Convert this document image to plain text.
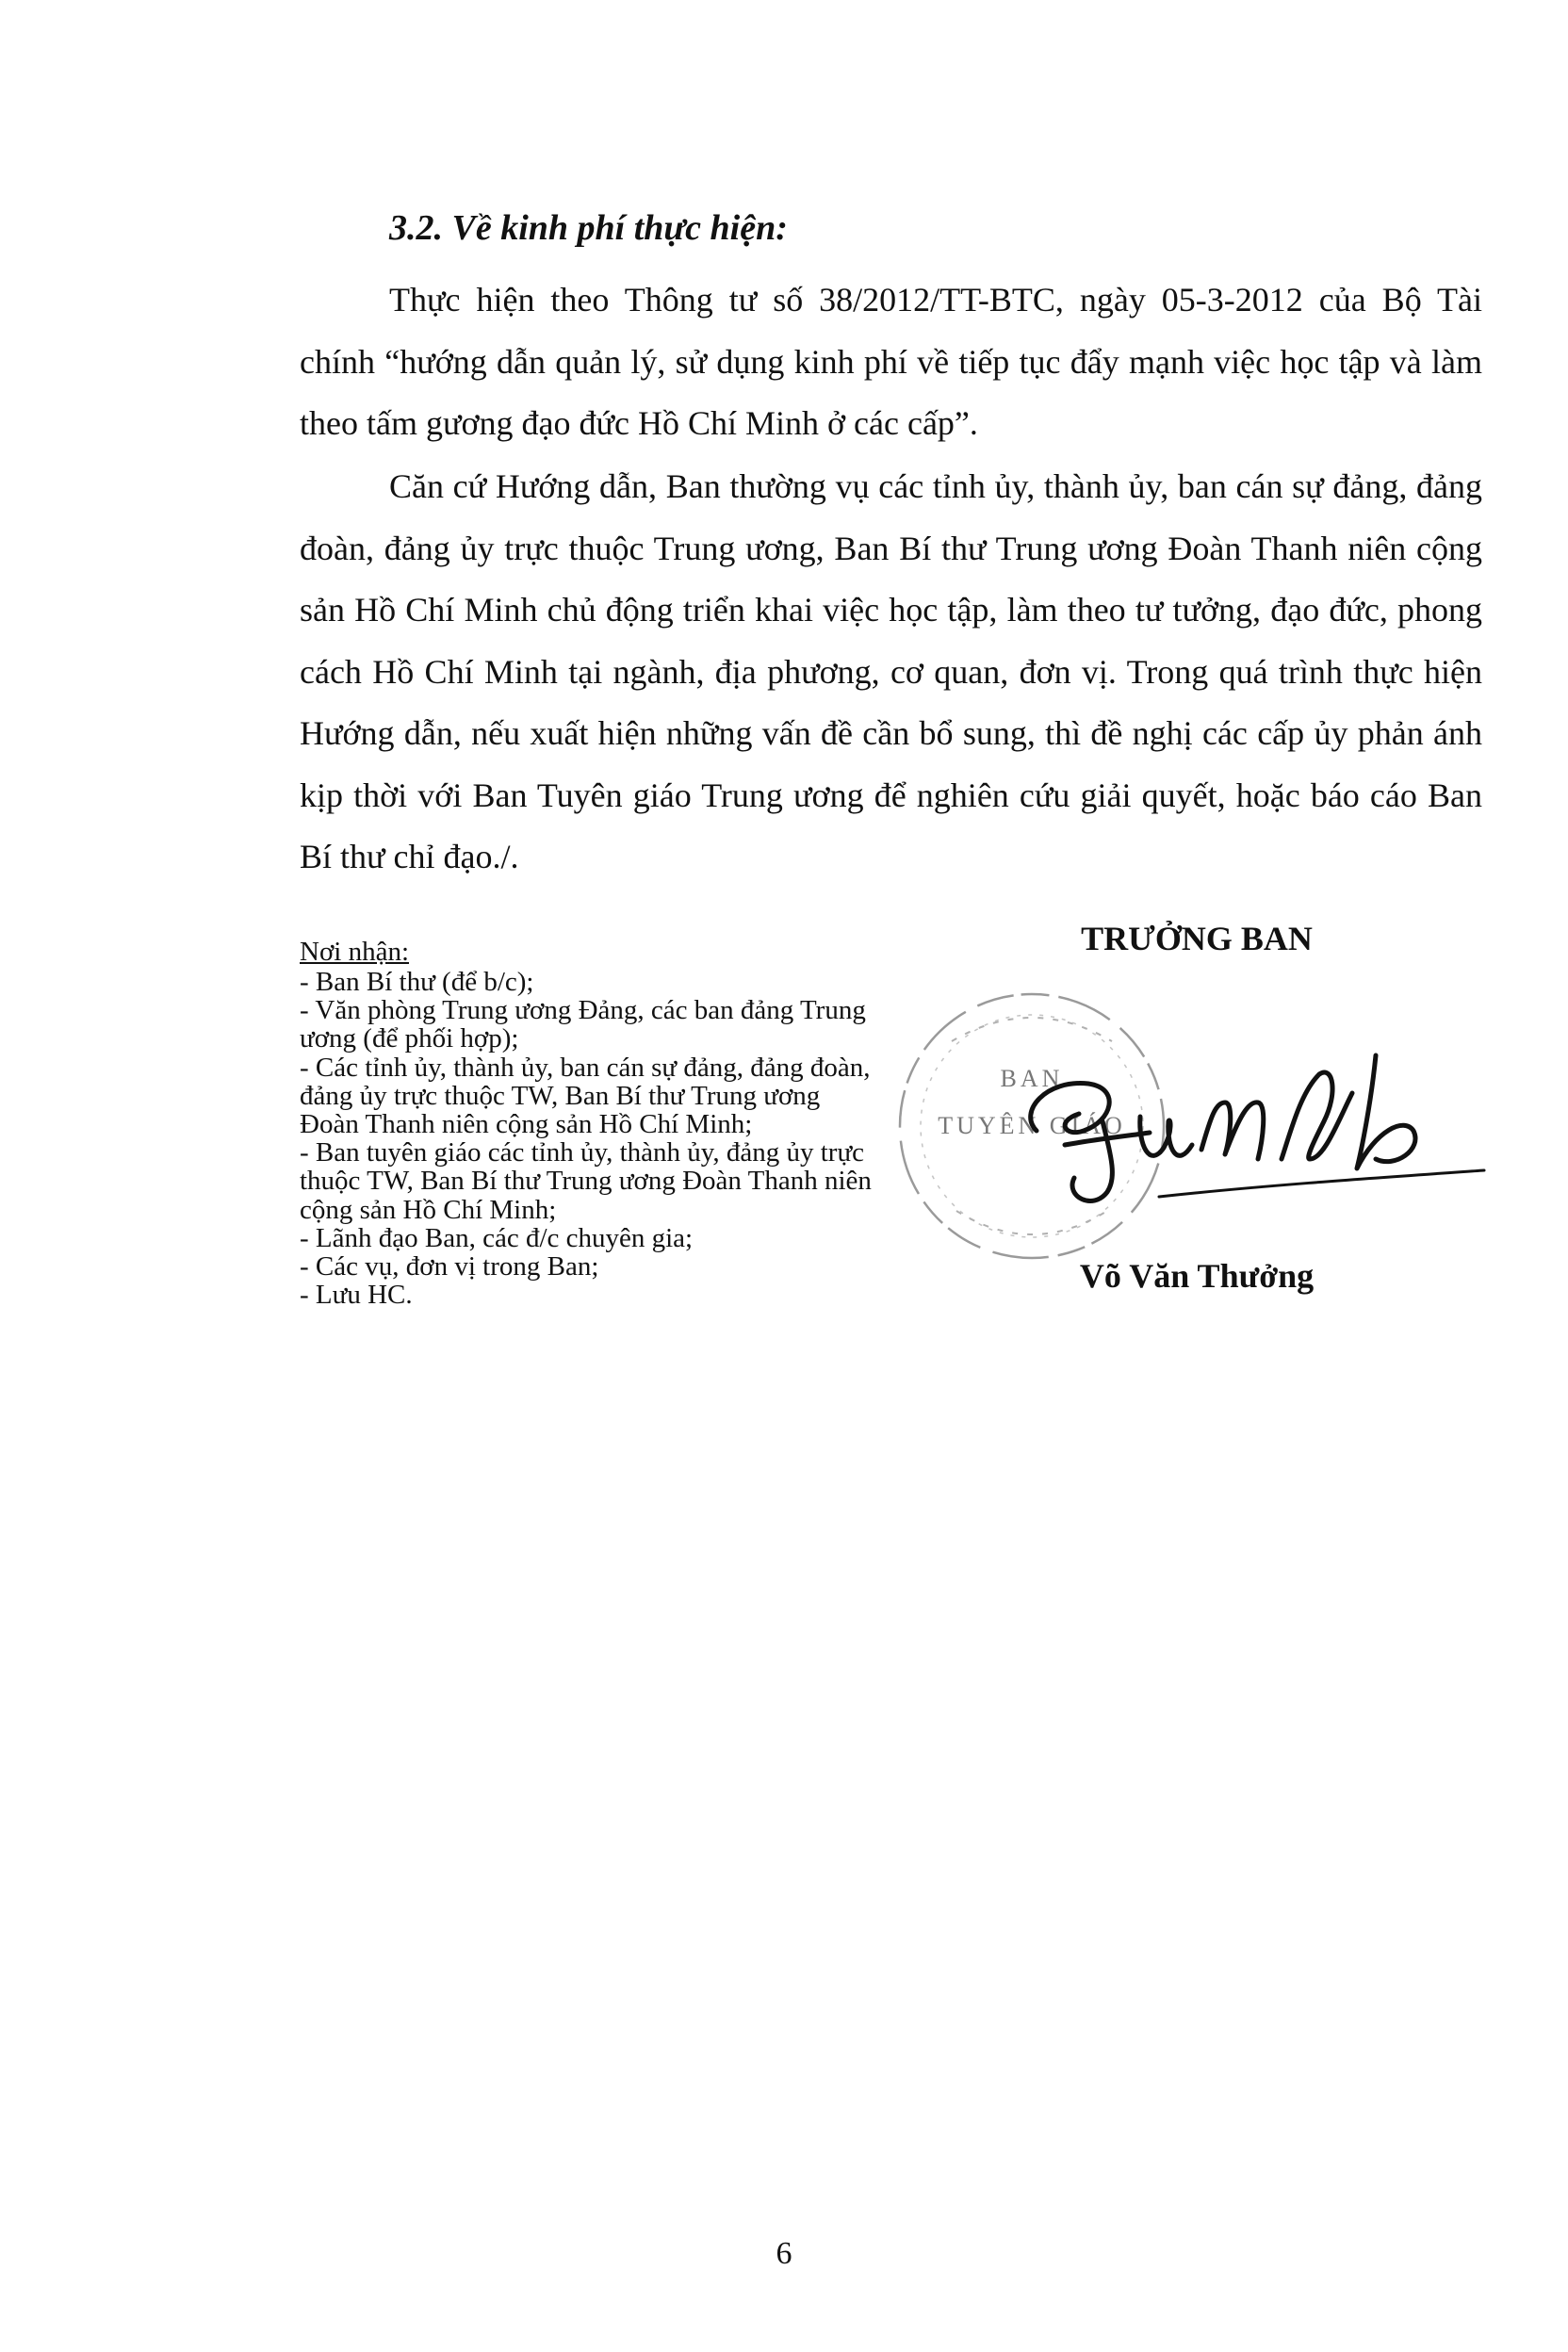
3.2. Về kinh phí thực hiện:

Thực hiện theo Thông tư số 38/2012/TT-BTC, ngày 05-3-2012 của Bộ Tài chính “hướng dẫn quản lý, sử dụng kinh phí về tiếp tục đẩy mạnh việc học tập và làm theo tấm gương đạo đức Hồ Chí Minh ở các cấp”.

Căn cứ Hướng dẫn, Ban thường vụ các tỉnh ủy, thành ủy, ban cán sự đảng, đảng đoàn, đảng ủy trực thuộc Trung ương, Ban Bí thư Trung ương Đoàn Thanh niên cộng sản Hồ Chí Minh chủ động triển khai việc học tập, làm theo tư tưởng, đạo đức, phong cách Hồ Chí Minh tại ngành, địa phương, cơ quan, đơn vị. Trong quá trình thực hiện Hướng dẫn, nếu xuất hiện những vấn đề cần bổ sung, thì đề nghị các cấp ủy phản ánh kịp thời với Ban Tuyên giáo Trung ương để nghiên cứu giải quyết, hoặc báo cáo Ban Bí thư chỉ đạo./.

Nơi nhận:
- Ban Bí thư (để b/c);
- Văn phòng Trung ương Đảng, các ban đảng Trung ương (để phối hợp);
- Các tỉnh ủy, thành ủy, ban cán sự đảng, đảng đoàn, đảng ủy trực thuộc TW, Ban Bí thư Trung ương Đoàn Thanh niên cộng sản Hồ Chí Minh;
- Ban tuyên giáo các tỉnh ủy, thành ủy, đảng ủy trực thuộc TW, Ban Bí thư Trung ương Đoàn Thanh niên cộng sản Hồ Chí Minh;
- Lãnh đạo Ban, các đ/c chuyên gia;
- Các vụ, đơn vị trong Ban;
- Lưu HC.
TRƯỞNG BAN
BAN
TUYÊN GIÁO
Võ Văn Thưởng
6
